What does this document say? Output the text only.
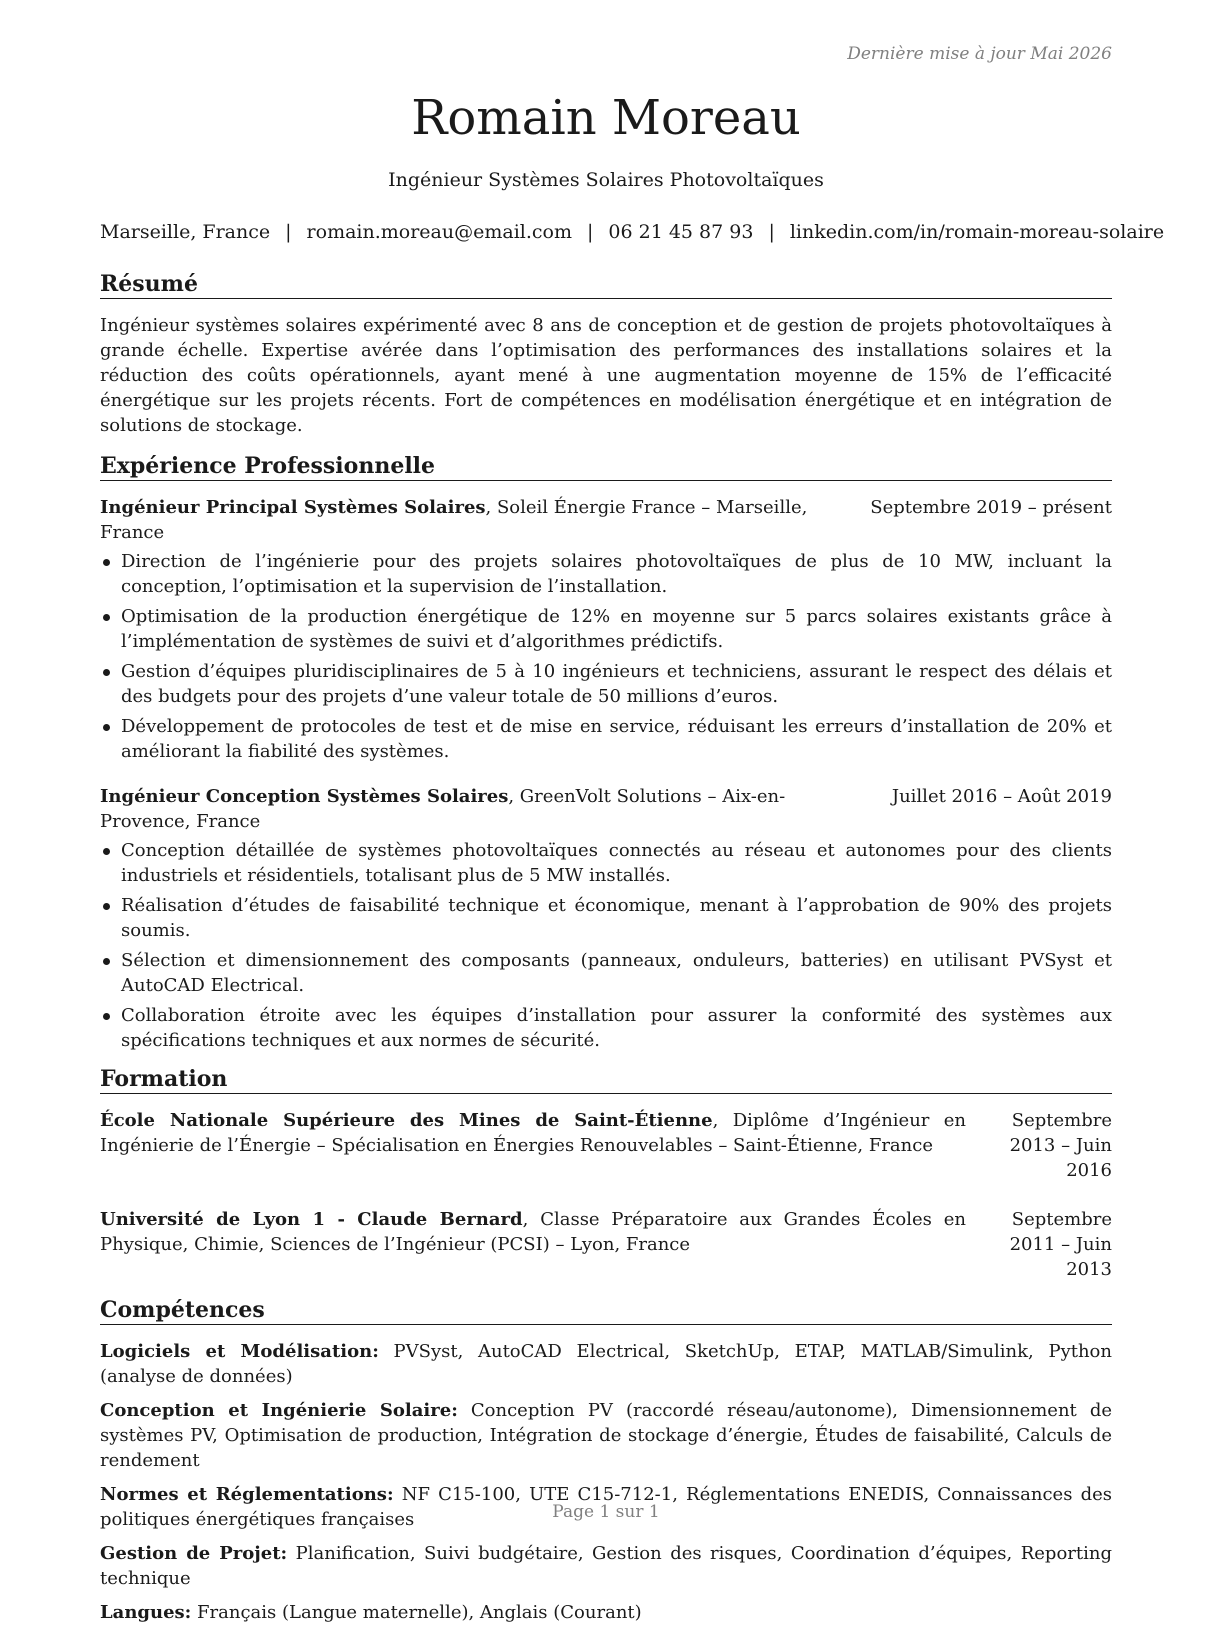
Dernière mise à jour Mai 2026
Romain Moreau
Ingénieur Systèmes Solaires Photovoltaïques
Marseille, France | romain.moreau@email.com | 06 21 45 87 93 | linkedin.com/in/romain-moreau-solaire
Résumé

Ingénieur systèmes solaires expérimenté avec 8 ans de conception et de gestion de projets photovoltaïques à grande échelle. Expertise avérée dans l’optimisation des performances des installations solaires et la réduction des coûts opérationnels, ayant mené à une augmentation moyenne de 15% de l’efficacité énergétique sur les projets récents. Fort de compétences en modélisation énergétique et en intégration de solutions de stockage.

Expérience Professionnelle
Ingénieur Principal Systèmes Solaires, Soleil Énergie France – Marseille, France
Septembre 2019 – présent
Direction de l’ingénierie pour des projets solaires photovoltaïques de plus de 10 MW, incluant la conception, l’optimisation et la supervision de l’installation.
Optimisation de la production énergétique de 12% en moyenne sur 5 parcs solaires existants grâce à l’implémentation de systèmes de suivi et d’algorithmes prédictifs.
Gestion d’équipes pluridisciplinaires de 5 à 10 ingénieurs et techniciens, assurant le respect des délais et des budgets pour des projets d’une valeur totale de 50 millions d’euros.
Développement de protocoles de test et de mise en service, réduisant les erreurs d’installation de 20% et améliorant la fiabilité des systèmes.
Ingénieur Conception Systèmes Solaires, GreenVolt Solutions – Aix-en-Provence, France
Juillet 2016 – Août 2019
Conception détaillée de systèmes photovoltaïques connectés au réseau et autonomes pour des clients industriels et résidentiels, totalisant plus de 5 MW installés.
Réalisation d’études de faisabilité technique et économique, menant à l’approbation de 90% des projets soumis.
Sélection et dimensionnement des composants (panneaux, onduleurs, batteries) en utilisant PVSyst et AutoCAD Electrical.
Collaboration étroite avec les équipes d’installation pour assurer la conformité des systèmes aux spécifications techniques et aux normes de sécurité.
Formation
École Nationale Supérieure des Mines de Saint-Étienne, Diplôme d’Ingénieur en Ingénierie de l’Énergie – Spécialisation en Énergies Renouvelables – Saint-Étienne, France
Septembre 2013 – Juin 2016
Université de Lyon 1 - Claude Bernard, Classe Préparatoire aux Grandes Écoles en Physique, Chimie, Sciences de l’Ingénieur (PCSI) – Lyon, France
Septembre 2011 – Juin 2013
Compétences
Logiciels et Modélisation: PVSyst, AutoCAD Electrical, SketchUp, ETAP, MATLAB/Simulink, Python (analyse de données)
Conception et Ingénierie Solaire: Conception PV (raccordé réseau/autonome), Dimensionnement de systèmes PV, Optimisation de production, Intégration de stockage d’énergie, Études de faisabilité, Calculs de rendement
Normes et Réglementations: NF C15-100, UTE C15-712-1, Réglementations ENEDIS, Connaissances des politiques énergétiques françaises
Gestion de Projet: Planification, Suivi budgétaire, Gestion des risques, Coordination d’équipes, Reporting technique
Langues: Français (Langue maternelle), Anglais (Courant)
Page 1 sur 1
